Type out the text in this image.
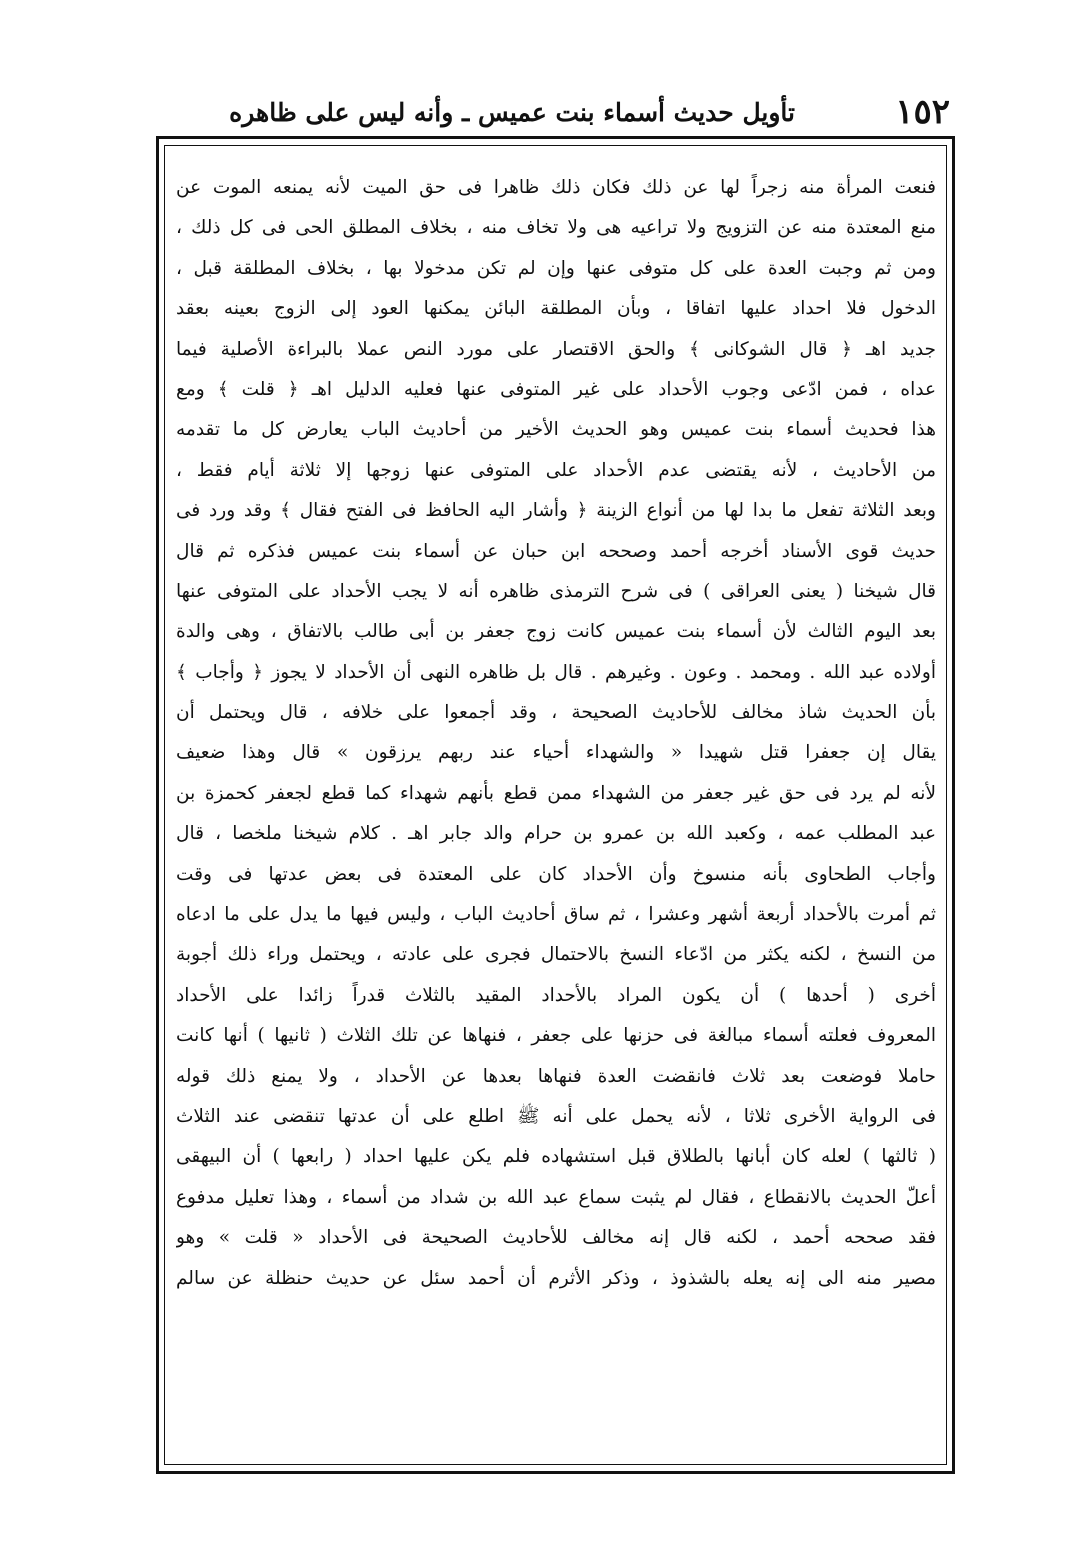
١٥٢
تأويل حديث أسماء بنت عميس ـ وأنه ليس على ظاهره
فنعت المرأة منه زجراً لها عن ذلك فكان ذلك ظاهرا فى حق الميت لأنه يمنعه الموت عن
منع المعتدة منه عن التزويج ولا تراعيه هى ولا تخاف منه ، بخلاف المطلق الحى فى كل ذلك ،
ومن ثم وجبت العدة على كل متوفى عنها وإن لم تكن مدخولا بها ، بخلاف المطلقة قبل ،
الدخول فلا احداد عليها اتفاقا ، وبأن المطلقة البائن يمكنها العود إلى الزوج بعينه بعقد
جديد اهـ ﴿ قال الشوكانى ﴾ والحق الاقتصار على مورد النص عملا بالبراءة الأصلية فيما
عداه ، فمن ادّعى وجوب الأحداد على غير المتوفى عنها فعليه الدليل اهـ ﴿ قلت ﴾ ومع
هذا فحديث أسماء بنت عميس وهو الحديث الأخير من أحاديث الباب يعارض كل ما تقدمه
من الأحاديث ، لأنه يقتضى عدم الأحداد على المتوفى عنها زوجها إلا ثلاثة أيام فقط ،
وبعد الثلاثة تفعل ما بدا لها من أنواع الزينة ﴿ وأشار اليه الحافظ فى الفتح فقال ﴾ وقد ورد فى
حديث قوى الأسناد أخرجه أحمد وصححه ابن حبان عن أسماء بنت عميس فذكره ثم قال
قال شيخنا ( يعنى العراقى ) فى شرح الترمذى ظاهره أنه لا يجب الأحداد على المتوفى عنها
بعد اليوم الثالث لأن أسماء بنت عميس كانت زوج جعفر بن أبى طالب بالاتفاق ، وهى والدة
أولاده عبد الله . ومحمد . وعون . وغيرهم . قال بل ظاهره النهى أن الأحداد لا يجوز ﴿ وأجاب ﴾
بأن الحديث شاذ مخالف للأحاديث الصحيحة ، وقد أجمعوا على خلافه ، قال ويحتمل أن
يقال إن جعفرا قتل شهيدا « والشهداء أحياء عند ربهم يرزقون » قال وهذا ضعيف
لأنه لم يرد فى حق غير جعفر من الشهداء ممن قطع بأنهم شهداء كما قطع لجعفر كحمزة بن
عبد المطلب عمه ، وكعبد الله بن عمرو بن حرام والد جابر اهـ . كلام شيخنا ملخصا ، قال
وأجاب الطحاوى بأنه منسوخ وأن الأحداد كان على المعتدة فى بعض عدتها فى وقت
ثم أمرت بالأحداد أربعة أشهر وعشرا ، ثم ساق أحاديث الباب ، وليس فيها ما يدل على ما ادعاه
من النسخ ، لكنه يكثر من ادّعاء النسخ بالاحتمال فجرى على عادته ، ويحتمل وراء ذلك أجوبة
أخرى ( أحدها ) أن يكون المراد بالأحداد المقيد بالثلاث قدراً زائدا على الأحداد
المعروف فعلته أسماء مبالغة فى حزنها على جعفر ، فنهاها عن تلك الثلاث ( ثانيها ) أنها كانت
حاملا فوضعت بعد ثلاث فانقضت العدة فنهاها بعدها عن الأحداد ، ولا يمنع ذلك قوله
فى الرواية الأخرى ثلاثا ، لأنه يحمل على أنه ﷺ اطلع على أن عدتها تنقضى عند الثلاث
( ثالثها ) لعله كان أبانها بالطلاق قبل استشهاده فلم يكن عليها احداد ( رابعها ) أن البيهقى
أعلّ الحديث بالانقطاع ، فقال لم يثبت سماع عبد الله بن شداد من أسماء ، وهذا تعليل مدفوع
فقد صححه أحمد ، لكنه قال إنه مخالف للأحاديث الصحيحة فى الأحداد « قلت » وهو
مصير منه الى إنه يعله بالشذوذ ، وذكر الأثرم أن أحمد سئل عن حديث حنظلة عن سالم
